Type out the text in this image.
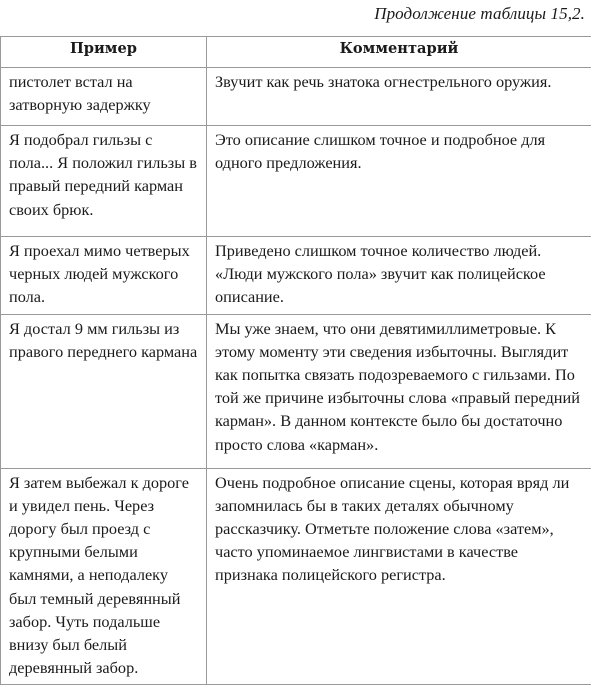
Продолжение таблицы 15,2.
Пример	Комментарий
пистолет встал на затворную задержку	Звучит как речь знатока огнестрельного оружия.
Я подобрал гильзы с пола... Я положил гильзы в правый передний карман своих брюк.	Это описание слишком точное и подробное для одного предложения.
Я проехал мимо четверых черных людей мужского пола.	Приведено слишком точное количество людей. «Люди мужского пола» звучит как полицейское описание.
Я достал 9 мм гильзы из правого переднего кармана	Мы уже знаем, что они девятимиллиметровые. К этому моменту эти сведения избыточны. Выглядит как попытка связать подозреваемого с гильзами. По той же причине избыточны слова «правый передний карман». В данном контексте было бы достаточно просто слова «карман».
Я затем выбежал к дороге и увидел пень. Через дорогу был проезд с крупными белыми камнями, а неподалеку был темный деревянный забор. Чуть подальше внизу был белый деревянный забор.	Очень подробное описание сцены, которая вряд ли запомнилась бы в таких деталях обычному рассказчику. Отметьте положение слова «затем», часто упоминаемое лингвистами в качестве признака полицейского регистра.
